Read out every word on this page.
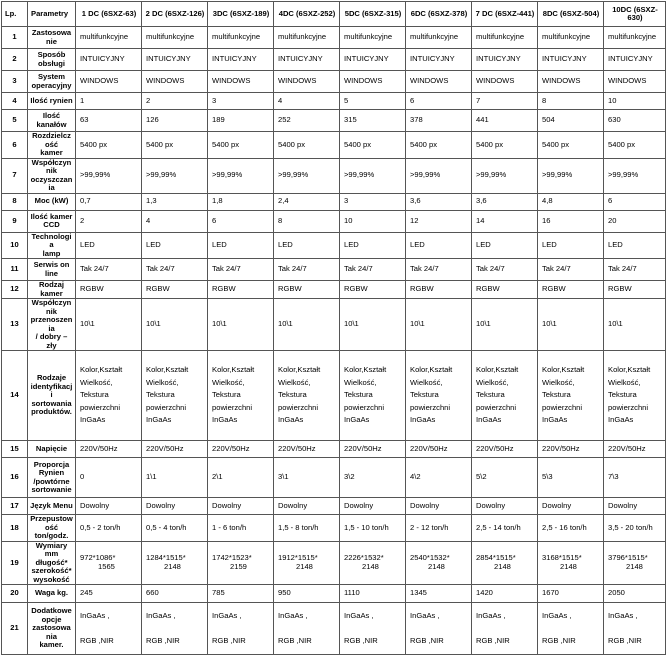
Lp.	Parametry	1 DC (6SXZ-63)	2 DC (6SXZ-126)	3DC (6SXZ-189)	4DC (6SXZ-252)	5DC (6SXZ-315)	6DC (6SXZ-378)	7 DC (6SXZ-441)	8DC (6SXZ-504)	10DC (6SXZ-630)
1	Zastosowanie	multifunkcyjne	multifunkcyjne	multifunkcyjne	multifunkcyjne	multifunkcyjne	multifunkcyjne	multifunkcyjne	multifunkcyjne	multifunkcyjne

2	Sposób
obsługi	INTUICYJNY	INTUICYJNY	INTUICYJNY	INTUICYJNY	INTUICYJNY	INTUICYJNY	INTUICYJNY	INTUICYJNY	INTUICYJNY

3	System
operacyjny	WINDOWS	WINDOWS	WINDOWS	WINDOWS	WINDOWS	WINDOWS	WINDOWS	WINDOWS	WINDOWS

4	Ilość rynien	1	2	3	4	5	6	7	8	10

5	Ilość kanałów	63	126	189	252	315	378	441	504	630

6	Rozdzielczość
kamer	5400 px	5400 px	5400 px	5400 px	5400 px	5400 px	5400 px	5400 px	5400 px

7	Współczynnik
oczyszczania	>99,99%	>99,99%	>99,99%	>99,99%	>99,99%	>99,99%	>99,99%	>99,99%	>99,99%

8	Moc (kW)	0,7	1,3	1,8	2,4	3	3,6	3,6	4,8	6

9	Ilość kamer
CCD	2	4	6	8	10	12	14	16	20

10	Technologia
lamp	LED	LED	LED	LED	LED	LED	LED	LED	LED

11	Serwis on
line	Tak 24/7	Tak 24/7	Tak 24/7	Tak 24/7	Tak 24/7	Tak 24/7	Tak 24/7	Tak 24/7	Tak 24/7

12	Rodzaj kamer	RGBW	RGBW	RGBW	RGBW	RGBW	RGBW	RGBW	RGBW	RGBW

13	Współczynnik
przenoszenia
/ dobry – zły	10\1	10\1	10\1	10\1	10\1	10\1	10\1	10\1	10\1

14	Rodzaje
identyfikacji
sortowania
produktów.	Kolor,Kształt
Wielkość,
Tekstura
powierzchni
InGaAs	Kolor,Kształt
Wielkość,
Tekstura
powierzchni
InGaAs	Kolor,Kształt
Wielkość,
Tekstura
powierzchni
InGaAs	Kolor,Kształt
Wielkość,
Tekstura
powierzchni
InGaAs	Kolor,Kształt
Wielkość,
Tekstura
powierzchni
InGaAs	Kolor,Kształt
Wielkość,
Tekstura
powierzchni
InGaAs	Kolor,Kształt
Wielkość,
Tekstura
powierzchni
InGaAs	Kolor,Kształt
Wielkość,
Tekstura
powierzchni
InGaAs	Kolor,Kształt
Wielkość,
Tekstura
powierzchni
InGaAs

15	Napięcie	220V/50Hz	220V/50Hz	220V/50Hz	220V/50Hz	220V/50Hz	220V/50Hz	220V/50Hz	220V/50Hz	220V/50Hz

16	Proporcja
Rynien
/powtórne
sortowanie	0	1\1	2\1	3\1	3\2	4\2	5\2	5\3	7\3

17	Język Menu	Dowolny	Dowolny	Dowolny	Dowolny	Dowolny	Dowolny	Dowolny	Dowolny	Dowolny

18	Przepustowość
ton/godz.	0,5 - 2 ton/h	0,5 - 4 ton/h	1 - 6 ton/h	1,5 - 8 ton/h	1,5 - 10 ton/h	2 - 12 ton/h	2,5 - 14 ton/h	2,5 - 16 ton/h	3,5 - 20 ton/h

19	Wymiary mm
długość*
szerokość*
wysokość	972*1086*
1565	1284*1515*
2148	1742*1523*
2159	1912*1515*
2148	2226*1532*
2148	2540*1532*
2148	2854*1515*
2148	3168*1515*
2148	3796*1515*
2148

20	Waga kg.	245	660	785	950	1110	1345	1420	1670	2050

21	Dodatkowe
opcje
zastosowania
kamer.	InGaAs ,
RGB ,NIR	InGaAs ,
RGB ,NIR	InGaAs ,
RGB ,NIR	InGaAs ,
RGB ,NIR	InGaAs ,
RGB ,NIR	InGaAs ,
RGB ,NIR	InGaAs ,
RGB ,NIR	InGaAs ,
RGB ,NIR	InGaAs ,
RGB ,NIR
